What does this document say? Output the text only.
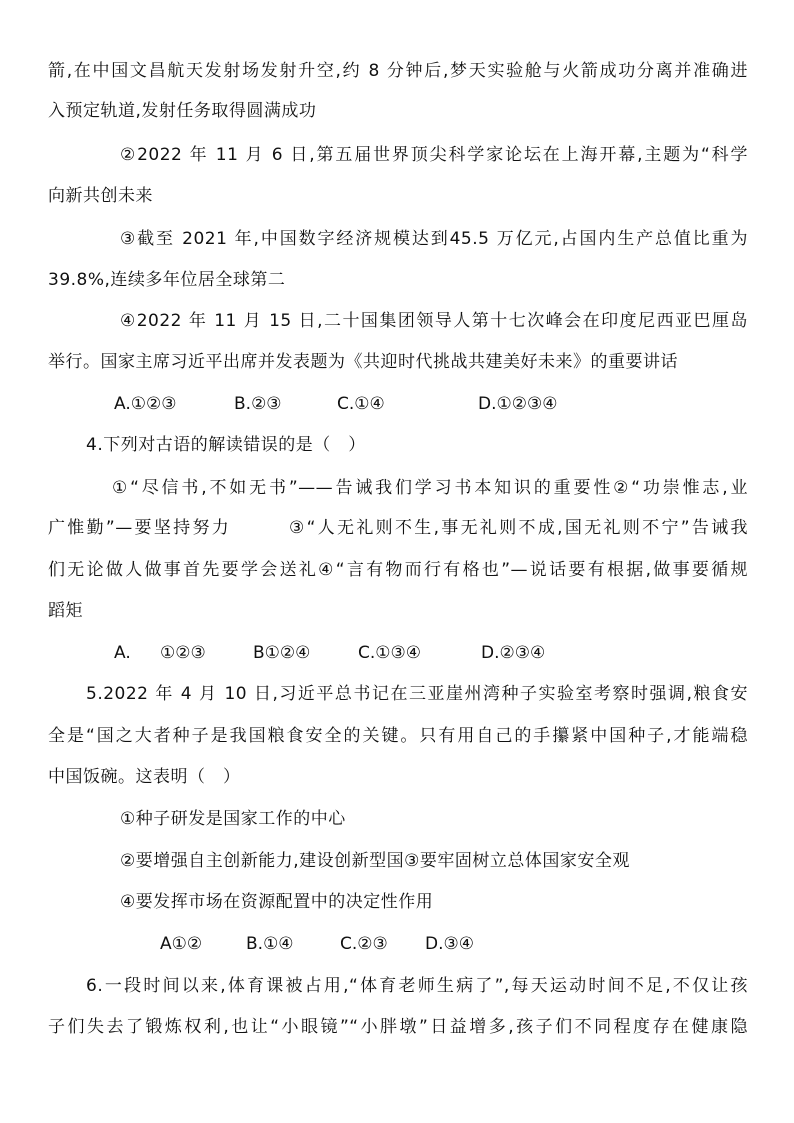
箭,在中国文昌航天发射场发射升空,约 8 分钟后,梦天实验舱与火箭成功分离并准确进
入预定轨道,发射任务取得圆满成功
②2022 年 11 月 6 日,第五届世界顶尖科学家论坛在上海开幕,主题为“科学
向新共创未来
③截至 2021 年,中国数字经济规模达到45.5 万亿元,占国内生产总值比重为
39.8%,连续多年位居全球第二
④2022 年 11 月 15 日,二十国集团领导人第十七次峰会在印度尼西亚巴厘岛
举行。国家主席习近平出席并发表题为《共迎时代挑战共建美好未来》的重要讲话
A.①②③	B.②③	C.①④	D.①②③④
4.下列对古语的解读错误的是（　）
①“尽信书,不如无书”——告诫我们学习书本知识的重要性②“功崇惟志,业
广惟勤”—要坚持努力　　　③“人无礼则不生,事无礼则不成,国无礼则不宁”告诫我
们无论做人做事首先要学会送礼④“言有物而行有格也”—说话要有根据,做事要循规
蹈矩
A. ①②③	B①②④	C.①③④	D.②③④
5.2022 年 4 月 10 日,习近平总书记在三亚崖州湾种子实验室考察时强调,粮食安
全是“国之大者种子是我国粮食安全的关键。只有用自己的手攥紧中国种子,才能端稳
中国饭碗。这表明（　）
①种子研发是国家工作的中心
②要增强自主创新能力,建设创新型国③要牢固树立总体国家安全观
④要发挥市场在资源配置中的决定性作用
A①②	B.①④	C.②③ D.③④
6.一段时间以来,体育课被占用,“体育老师生病了”,每天运动时间不足,不仅让孩
子们失去了锻炼权利,也让“小眼镜”“小胖墩”日益增多,孩子们不同程度存在健康隐
